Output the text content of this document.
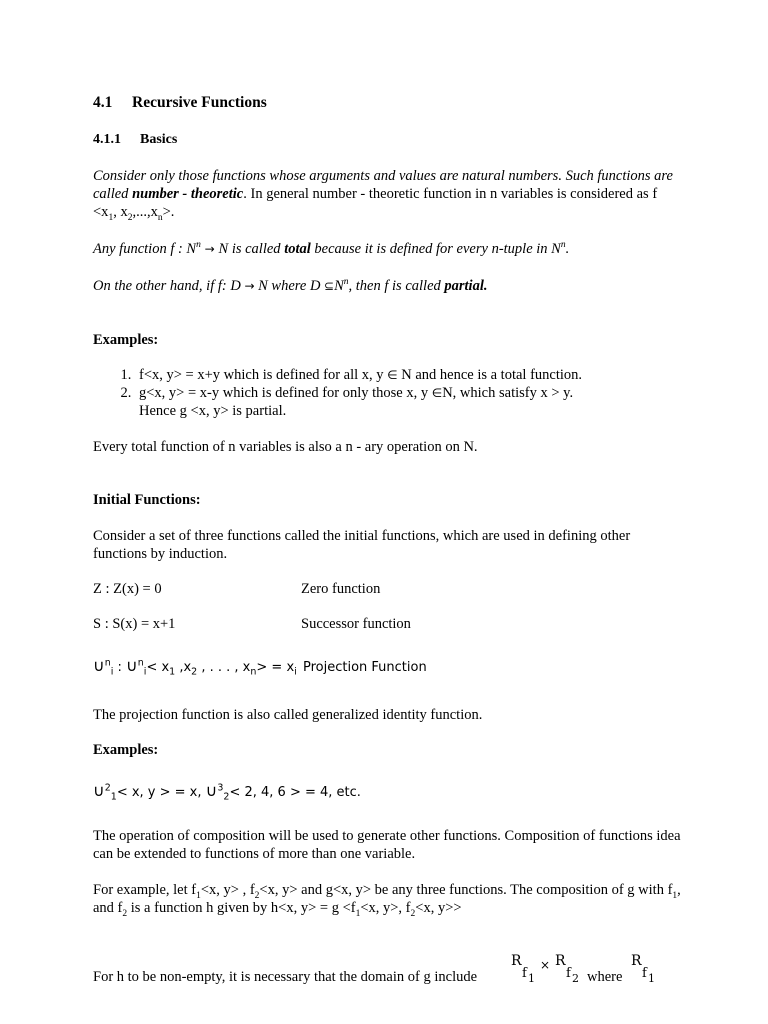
4.1 Recursive Functions
4.1.1 Basics
Consider only those functions whose arguments and values are natural numbers. Such functions are called number - theoretic. In general number - theoretic function in n variables is considered as $f <x_1$, $x_2,...,x_n>$.
Any function f : $N^n \to N$ is called total because it is defined for every n-tuple in $N^n$.
On the other hand, if f: D → N where D $⊆N^n$, then f is called partial.
Examples:
1. f<x, y> = x+y which is defined for all x, y ∈ N and hence is a total function.
2. g<x, y> = x-y which is defined for only those x, y ∈N, which satisfy x > y.
Hence g <x, y> is partial.
Every total function of n variables is also a n - ary operation on N.
Initial Functions:
Consider a set of three functions called the initial functions, which are used in defining other functions by induction.
Z : Z(x) = 0	Zero function
S : S(x) = x+1	Successor function
∪$^n_i$ : ∪$^n_i$< $x_1$ $,x_2$ , . . . , $x_n> = x_i$ Projection Function
The projection function is also called generalized identity function.
Examples:
∪$^2_1$< x, y > = x, ∪$^3_2$< 2, 4, 6 > = 4, etc.
The operation of composition will be used to generate other functions. Composition of functions idea can be extended to functions of more than one variable.
For example, let $f_1<x$, y> , $f_2<x$, y> and g<x, y> be any three functions. The composition of g with $f_1$, and $f_2$ is a function h given by h<x, $y> = g <f_1<x$, y>, $f_2<x$, y>>
For h to be non-empty, it is necessary that the domain of g include
R
f 1
× R
f 2 where
R
f 1
